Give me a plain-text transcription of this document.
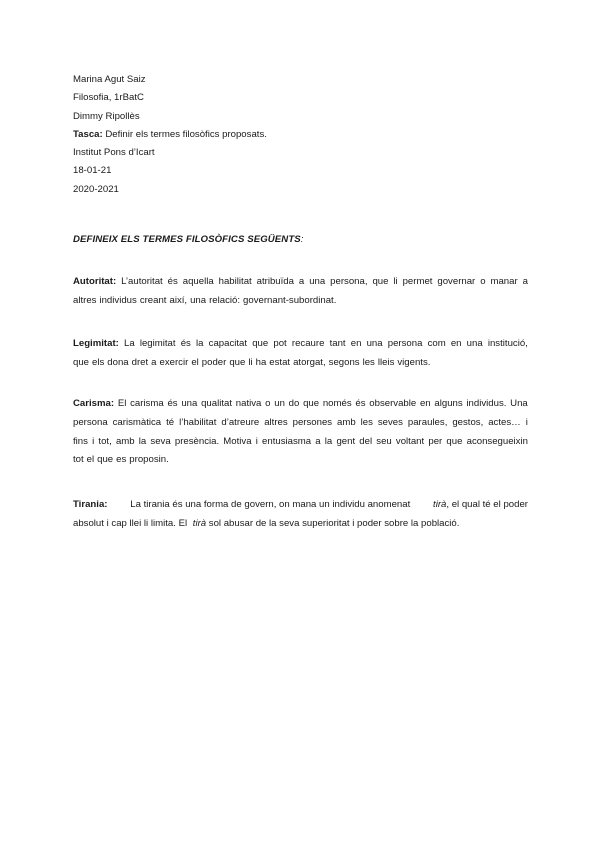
Marina Agut Saiz
Filosofia, 1rBatC
Dimmy Ripollès
Tasca: Definir els termes filosòfics proposats.
Institut Pons d’Icart
18-01-21
2020-2021
DEFINEIX ELS TERMES FILOSÒFICS SEGÜENTS:
Autoritat: L’autoritat és aquella habilitat atribuïda a una persona, que li permet governar o manar a
altres individus creant així, una relació: governant-subordinat.
Legimitat: La legimitat és la capacitat que pot recaure tant en una persona com en una institució,
que els dona dret a exercir el poder que li ha estat atorgat, segons les lleis vigents.
Carisma: El carisma és una qualitat nativa o un do que només és observable en alguns individus. Una
persona carismàtica té l’habilitat d’atreure altres persones amb les seves paraules, gestos, actes… i
fins i tot, amb la seva presència. Motiva i entusiasma a la gent del seu voltant per que aconsegueixin
tot el que es proposin.
Tirania: La tirania és una forma de govern, on mana un individu anomenat tirà, el qual té el poder
absolut i cap llei li limita. El
tirà
sol abusar de la seva superioritat i poder sobre la població.
